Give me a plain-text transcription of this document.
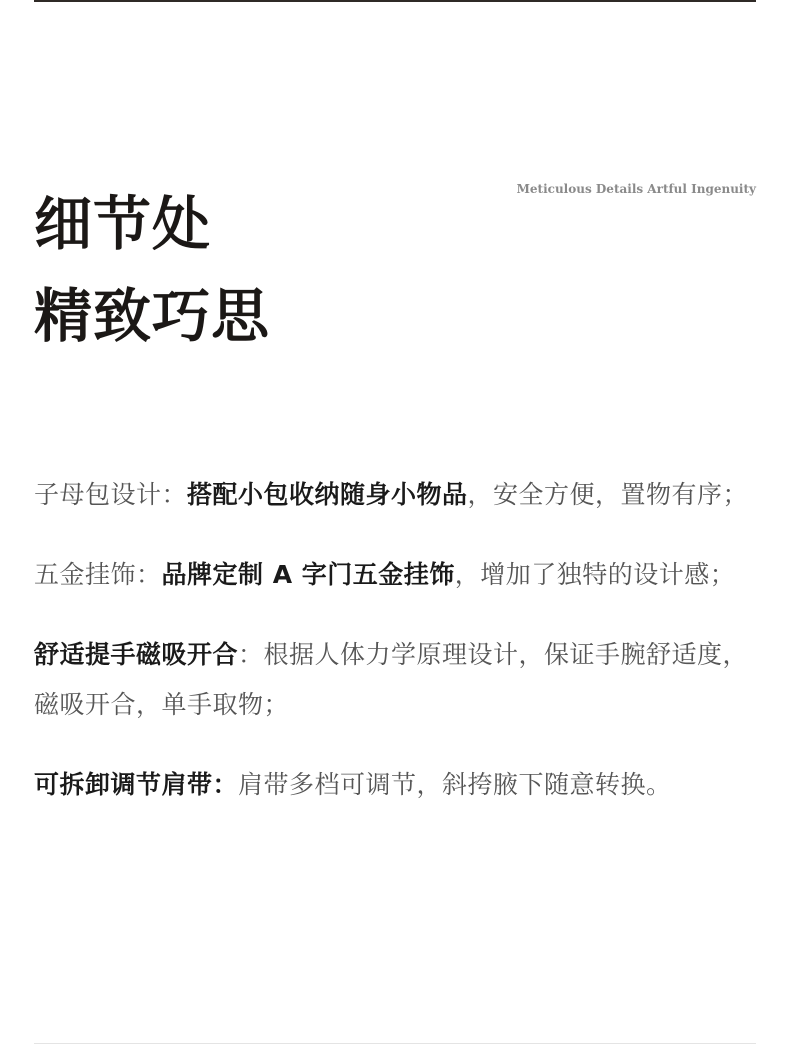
细节处
精致巧思
Meticulous Details Artful Ingenuity
子母包设计：搭配小包收纳随身小物品，安全方便，置物有序；
五金挂饰：品牌定制 A 字门五金挂饰，增加了独特的设计感；
舒适提手磁吸开合：根据人体力学原理设计，保证手腕舒适度，磁吸开合，单手取物；
可拆卸调节肩带：肩带多档可调节，斜挎腋下随意转换。
